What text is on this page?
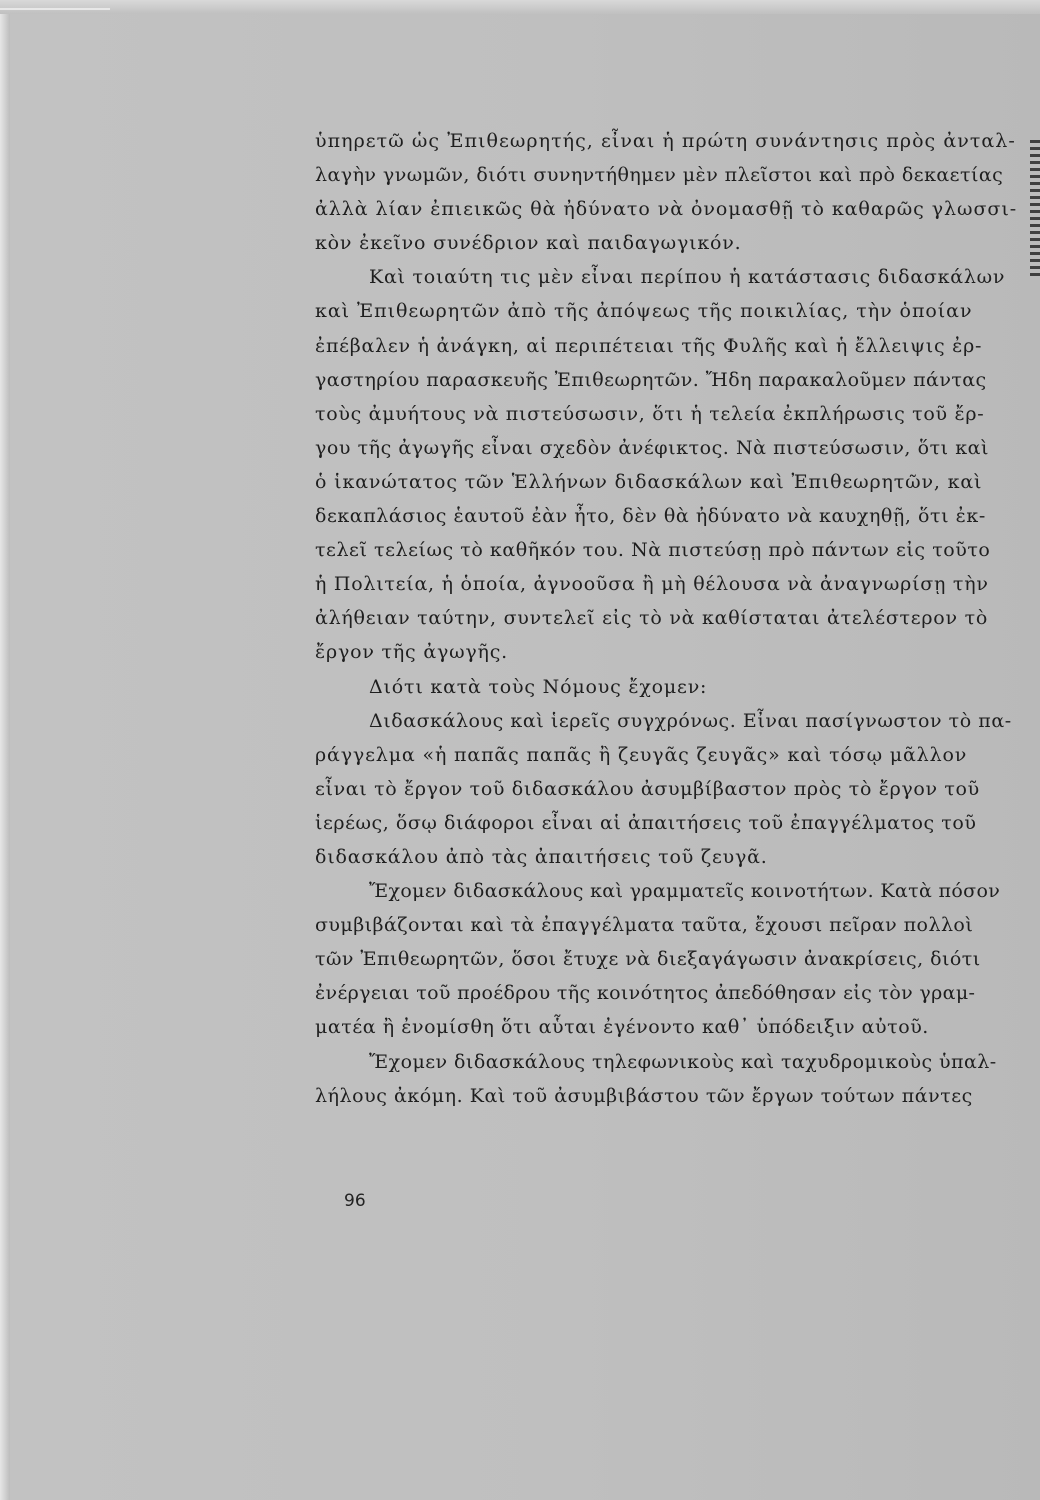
ὑπηρετῶ ὡς Ἐπιθεωρητής, εἶναι ἡ πρώτη συνάντησις πρὸς ἀνταλ-
λαγὴν γνωμῶν, διότι συνηντήθημεν μὲν πλεῖστοι καὶ πρὸ δεκαετίας
ἀλλὰ λίαν ἐπιεικῶς θὰ ἠδύνατο νὰ ὀνομασθῇ τὸ καθαρῶς γλωσσι-
κὸν ἐκεῖνο συνέδριον καὶ παιδαγωγικόν.
Καὶ τοιαύτη τις μὲν εἶναι περίπου ἡ κατάστασις διδασκάλων
καὶ Ἐπιθεωρητῶν ἀπὸ τῆς ἀπόψεως τῆς ποικιλίας, τὴν ὁποίαν
ἐπέβαλεν ἡ ἀνάγκη, αἱ περιπέτειαι τῆς Φυλῆς καὶ ἡ ἔλλειψις ἐρ-
γαστηρίου παρασκευῆς Ἐπιθεωρητῶν. Ἤδη παρακαλοῦμεν πάντας
τοὺς ἀμυήτους νὰ πιστεύσωσιν, ὅτι ἡ τελεία ἐκπλήρωσις τοῦ ἔρ-
γου τῆς ἀγωγῆς εἶναι σχεδὸν ἀνέφικτος. Νὰ πιστεύσωσιν, ὅτι καὶ
ὁ ἱκανώτατος τῶν Ἑλλήνων διδασκάλων καὶ Ἐπιθεωρητῶν, καὶ
δεκαπλάσιος ἑαυτοῦ ἐὰν ἦτο, δὲν θὰ ἠδύνατο νὰ καυχηθῇ, ὅτι ἐκ-
τελεῖ τελείως τὸ καθῆκόν του. Νὰ πιστεύσῃ πρὸ πάντων εἰς τοῦτο
ἡ Πολιτεία, ἡ ὁποία, ἀγνοοῦσα ἢ μὴ θέλουσα νὰ ἀναγνωρίσῃ τὴν
ἀλήθειαν ταύτην, συντελεῖ εἰς τὸ νὰ καθίσταται ἀτελέστερον τὸ
ἔργον τῆς ἀγωγῆς.
Διότι κατὰ τοὺς Νόμους ἔχομεν:
Διδασκάλους καὶ ἱερεῖς συγχρόνως. Εἶναι πασίγνωστον τὸ πα-
ράγγελμα «ἡ παπᾶς παπᾶς ἢ ζευγᾶς ζευγᾶς» καὶ τόσῳ μᾶλλον
εἶναι τὸ ἔργον τοῦ διδασκάλου ἀσυμβίβαστον πρὸς τὸ ἔργον τοῦ
ἱερέως, ὅσῳ διάφοροι εἶναι αἱ ἀπαιτήσεις τοῦ ἐπαγγέλματος τοῦ
διδασκάλου ἀπὸ τὰς ἀπαιτήσεις τοῦ ζευγᾶ.
Ἔχομεν διδασκάλους καὶ γραμματεῖς κοινοτήτων. Κατὰ πόσον
συμβιβάζονται καὶ τὰ ἐπαγγέλματα ταῦτα, ἔχουσι πεῖραν πολλοὶ
τῶν Ἐπιθεωρητῶν, ὅσοι ἔτυχε νὰ διεξαγάγωσιν ἀνακρίσεις, διότι
ἐνέργειαι τοῦ προέδρου τῆς κοινότητος ἀπεδόθησαν εἰς τὸν γραμ-
ματέα ἢ ἐνομίσθη ὅτι αὗται ἐγένοντο καθ᾽ ὑπόδειξιν αὐτοῦ.
Ἔχομεν διδασκάλους τηλεφωνικοὺς καὶ ταχυδρομικοὺς ὑπαλ-
λήλους ἀκόμη. Καὶ τοῦ ἀσυμβιβάστου τῶν ἔργων τούτων πάντες
96
